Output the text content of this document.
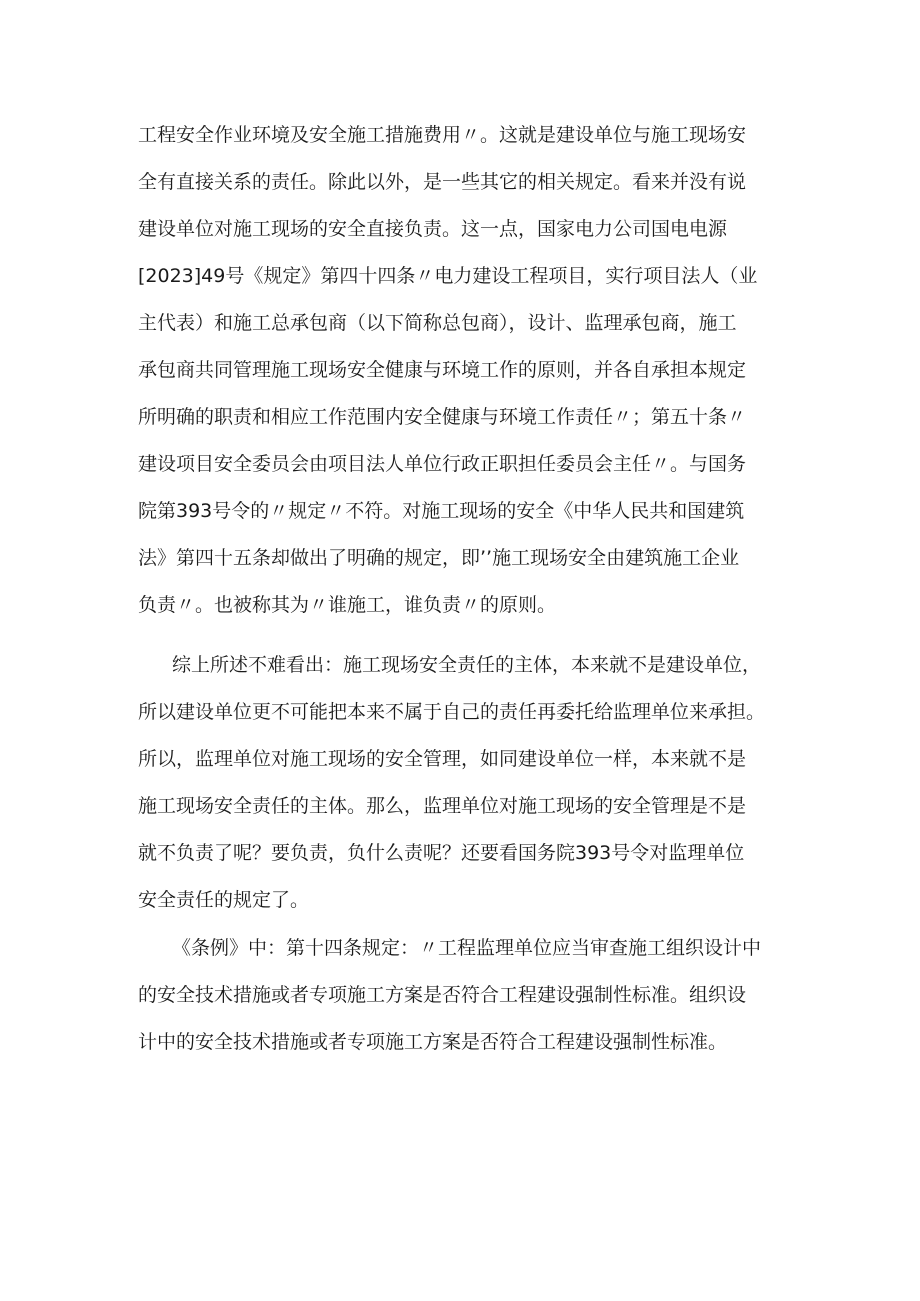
工程安全作业环境及安全施工措施费用〃。这就是建设单位与施工现场安
全有直接关系的责任。除此以外，是一些其它的相关规定。看来并没有说
建设单位对施工现场的安全直接负责。这一点，国家电力公司国电电源
[2023]49号《规定》第四十四条〃电力建设工程项目，实行项目法人（业
主代表）和施工总承包商（以下简称总包商），设计、监理承包商，施工
承包商共同管理施工现场安全健康与环境工作的原则，并各自承担本规定
所明确的职责和相应工作范围内安全健康与环境工作责任〃；第五十条〃
建设项目安全委员会由项目法人单位行政正职担任委员会主任〃。与国务
院第393号令的〃规定〃不符。对施工现场的安全《中华人民共和国建筑
法》第四十五条却做出了明确的规定，即’’施工现场安全由建筑施工企业
负责〃。也被称其为〃谁施工，谁负责〃的原则。
综上所述不难看出：施工现场安全责任的主体，本来就不是建设单位，
所以建设单位更不可能把本来不属于自己的责任再委托给监理单位来承担。
所以，监理单位对施工现场的安全管理，如同建设单位一样，本来就不是
施工现场安全责任的主体。那么，监理单位对施工现场的安全管理是不是
就不负责了呢？要负责，负什么责呢？还要看国务院393号令对监理单位
安全责任的规定了。
《条例》中：第十四条规定：〃工程监理单位应当审查施工组织设计中
的安全技术措施或者专项施工方案是否符合工程建设强制性标准。组织设
计中的安全技术措施或者专项施工方案是否符合工程建设强制性标准。
